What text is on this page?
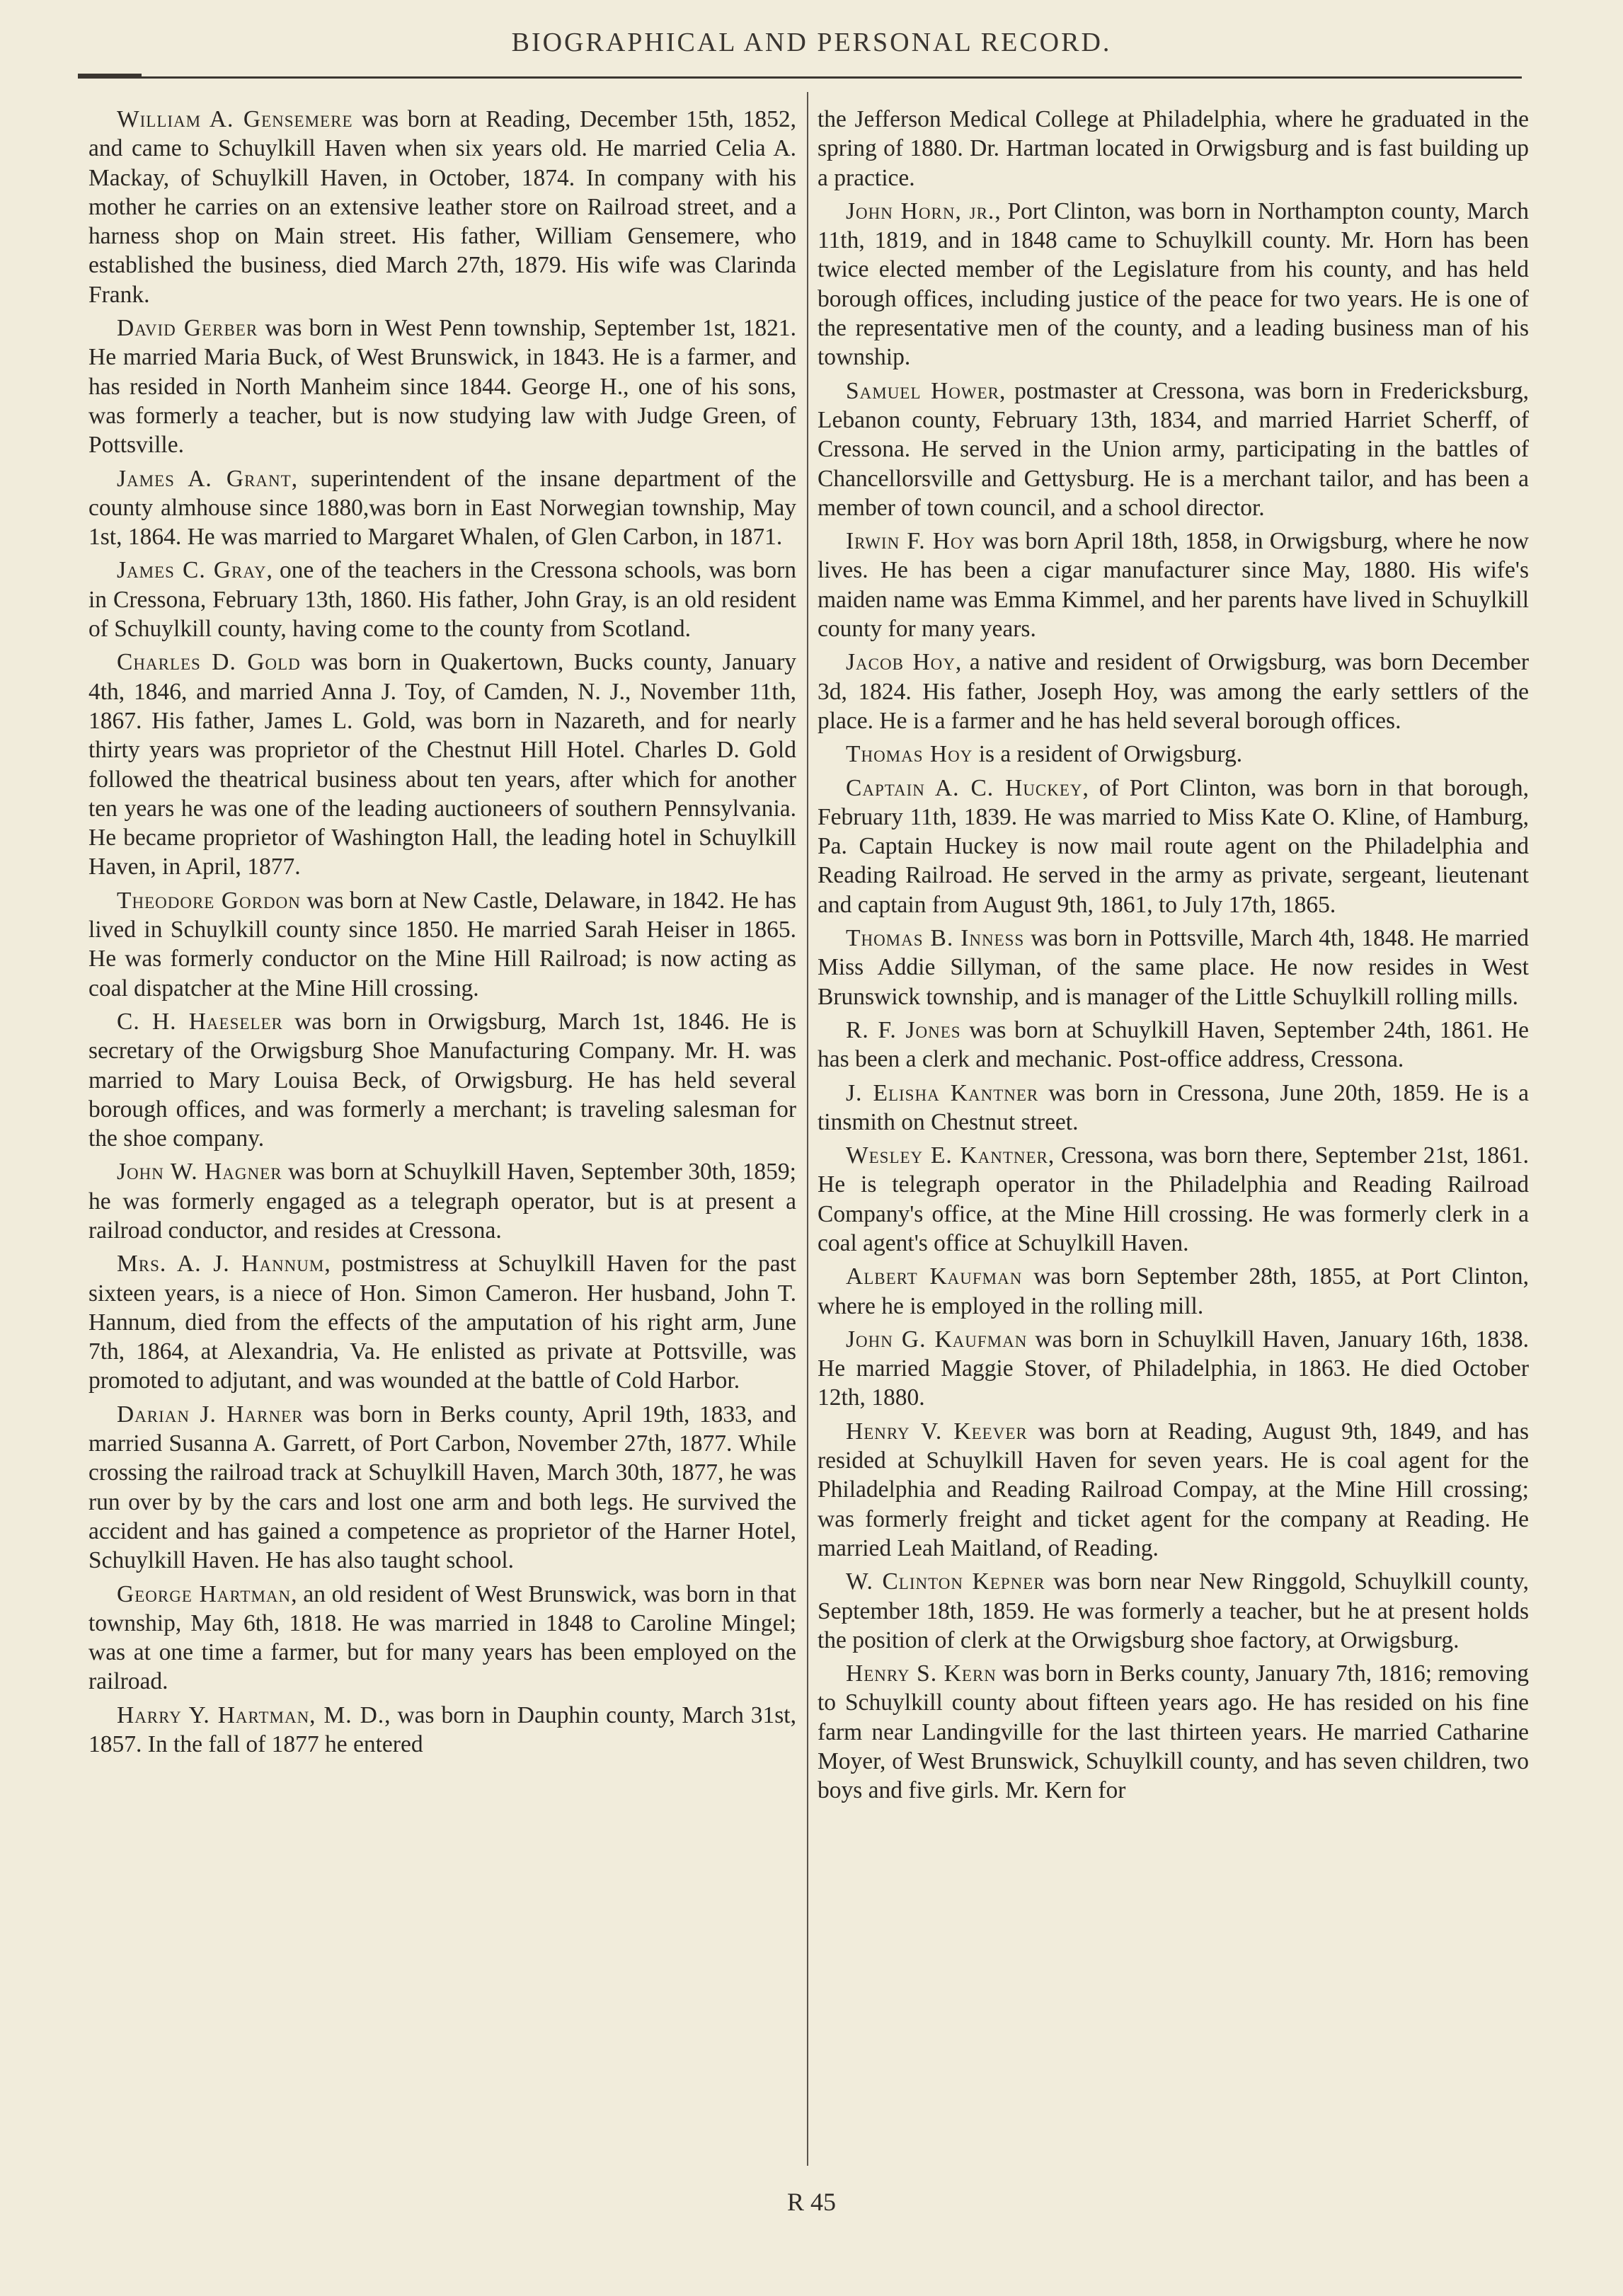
BIOGRAPHICAL AND PERSONAL RECORD.

William A. Gensemere was born at Reading, December 15th, 1852, and came to Schuylkill Haven when six years old. He married Celia A. Mackay, of Schuylkill Haven, in October, 1874. In company with his mother he carries on an extensive leather store on Railroad street, and a harness shop on Main street. His father, William Gensemere, who established the business, died March 27th, 1879. His wife was Clarinda Frank.

David Gerber was born in West Penn township, September 1st, 1821. He married Maria Buck, of West Brunswick, in 1843. He is a farmer, and has resided in North Manheim since 1844. George H., one of his sons, was formerly a teacher, but is now studying law with Judge Green, of Pottsville.

James A. Grant, superintendent of the insane department of the county almhouse since 1880,was born in East Norwegian township, May 1st, 1864. He was married to Margaret Whalen, of Glen Carbon, in 1871.

James C. Gray, one of the teachers in the Cressona schools, was born in Cressona, February 13th, 1860. His father, John Gray, is an old resident of Schuylkill county, having come to the county from Scotland.

Charles D. Gold was born in Quakertown, Bucks county, January 4th, 1846, and married Anna J. Toy, of Camden, N. J., November 11th, 1867. His father, James L. Gold, was born in Nazareth, and for nearly thirty years was proprietor of the Chestnut Hill Hotel. Charles D. Gold followed the theatrical business about ten years, after which for another ten years he was one of the leading auctioneers of southern Pennsylvania. He became proprietor of Washington Hall, the leading hotel in Schuylkill Haven, in April, 1877.

Theodore Gordon was born at New Castle, Delaware, in 1842. He has lived in Schuylkill county since 1850. He married Sarah Heiser in 1865. He was formerly conductor on the Mine Hill Railroad; is now acting as coal dispatcher at the Mine Hill crossing.

C. H. Haeseler was born in Orwigsburg, March 1st, 1846. He is secretary of the Orwigsburg Shoe Manufacturing Company. Mr. H. was married to Mary Louisa Beck, of Orwigsburg. He has held several borough offices, and was formerly a merchant; is traveling salesman for the shoe company.

John W. Hagner was born at Schuylkill Haven, September 30th, 1859; he was formerly engaged as a telegraph operator, but is at present a railroad conductor, and resides at Cressona.

Mrs. A. J. Hannum, postmistress at Schuylkill Haven for the past sixteen years, is a niece of Hon. Simon Cameron. Her husband, John T. Hannum, died from the effects of the amputation of his right arm, June 7th, 1864, at Alexandria, Va. He enlisted as private at Pottsville, was promoted to adjutant, and was wounded at the battle of Cold Harbor.

Darian J. Harner was born in Berks county, April 19th, 1833, and married Susanna A. Garrett, of Port Carbon, November 27th, 1877. While crossing the railroad track at Schuylkill Haven, March 30th, 1877, he was run over by by the cars and lost one arm and both legs. He survived the accident and has gained a competence as proprietor of the Harner Hotel, Schuylkill Haven. He has also taught school.

George Hartman, an old resident of West Brunswick, was born in that township, May 6th, 1818. He was married in 1848 to Caroline Mingel; was at one time a farmer, but for many years has been employed on the railroad.

Harry Y. Hartman, M. D., was born in Dauphin county, March 31st, 1857. In the fall of 1877 he entered

the Jefferson Medical College at Philadelphia, where he graduated in the spring of 1880. Dr. Hartman located in Orwigsburg and is fast building up a practice.

John Horn, jr., Port Clinton, was born in Northampton county, March 11th, 1819, and in 1848 came to Schuylkill county. Mr. Horn has been twice elected member of the Legislature from his county, and has held borough offices, including justice of the peace for two years. He is one of the representative men of the county, and a leading business man of his township.

Samuel Hower, postmaster at Cressona, was born in Fredericksburg, Lebanon county, February 13th, 1834, and married Harriet Scherff, of Cressona. He served in the Union army, participating in the battles of Chancellorsville and Gettysburg. He is a merchant tailor, and has been a member of town council, and a school director.

Irwin F. Hoy was born April 18th, 1858, in Orwigsburg, where he now lives. He has been a cigar manufacturer since May, 1880. His wife's maiden name was Emma Kimmel, and her parents have lived in Schuylkill county for many years.

Jacob Hoy, a native and resident of Orwigsburg, was born December 3d, 1824. His father, Joseph Hoy, was among the early settlers of the place. He is a farmer and he has held several borough offices.

Thomas Hoy is a resident of Orwigsburg.

Captain A. C. Huckey, of Port Clinton, was born in that borough, February 11th, 1839. He was married to Miss Kate O. Kline, of Hamburg, Pa. Captain Huckey is now mail route agent on the Philadelphia and Reading Railroad. He served in the army as private, sergeant, lieutenant and captain from August 9th, 1861, to July 17th, 1865.

Thomas B. Inness was born in Pottsville, March 4th, 1848. He married Miss Addie Sillyman, of the same place. He now resides in West Brunswick township, and is manager of the Little Schuylkill rolling mills.

R. F. Jones was born at Schuylkill Haven, September 24th, 1861. He has been a clerk and mechanic. Post-office address, Cressona.

J. Elisha Kantner was born in Cressona, June 20th, 1859. He is a tinsmith on Chestnut street.

Wesley E. Kantner, Cressona, was born there, September 21st, 1861. He is telegraph operator in the Philadelphia and Reading Railroad Company's office, at the Mine Hill crossing. He was formerly clerk in a coal agent's office at Schuylkill Haven.

Albert Kaufman was born September 28th, 1855, at Port Clinton, where he is employed in the rolling mill.

John G. Kaufman was born in Schuylkill Haven, January 16th, 1838. He married Maggie Stover, of Philadelphia, in 1863. He died October 12th, 1880.

Henry V. Keever was born at Reading, August 9th, 1849, and has resided at Schuylkill Haven for seven years. He is coal agent for the Philadelphia and Reading Railroad Compay, at the Mine Hill crossing; was formerly freight and ticket agent for the company at Reading. He married Leah Maitland, of Reading.

W. Clinton Kepner was born near New Ringgold, Schuylkill county, September 18th, 1859. He was formerly a teacher, but he at present holds the position of clerk at the Orwigsburg shoe factory, at Orwigsburg.

Henry S. Kern was born in Berks county, January 7th, 1816; removing to Schuylkill county about fifteen years ago. He has resided on his fine farm near Landingville for the last thirteen years. He married Catharine Moyer, of West Brunswick, Schuylkill county, and has seven children, two boys and five girls. Mr. Kern for

R 45
